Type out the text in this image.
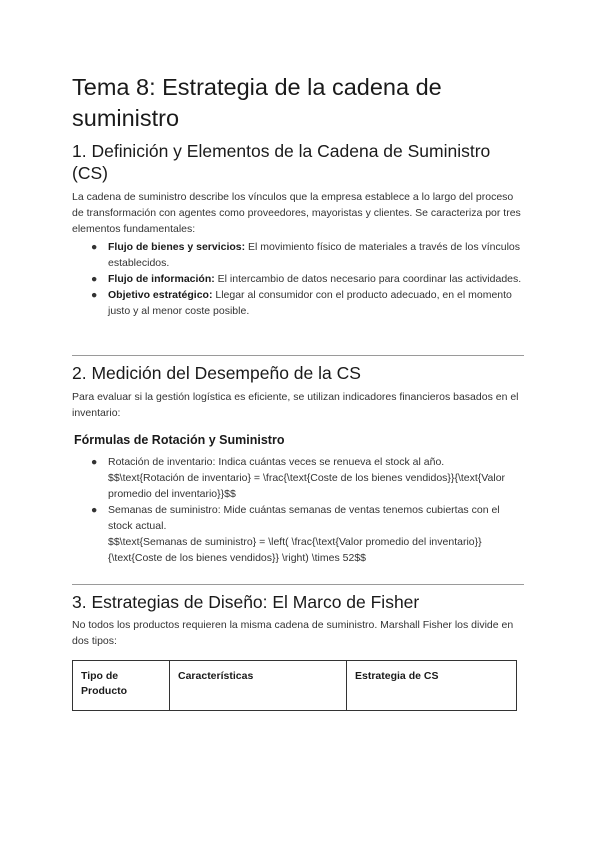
Tema 8: Estrategia de la cadena de suministro
1. Definición y Elementos de la Cadena de Suministro (CS)
La cadena de suministro describe los vínculos que la empresa establece a lo largo del proceso de transformación con agentes como proveedores, mayoristas y clientes. Se caracteriza por tres elementos fundamentales:
● Flujo de bienes y servicios: El movimiento físico de materiales a través de los vínculos establecidos.
● Flujo de información: El intercambio de datos necesario para coordinar las actividades.
● Objetivo estratégico: Llegar al consumidor con el producto adecuado, en el momento justo y al menor coste posible.
2. Medición del Desempeño de la CS
Para evaluar si la gestión logística es eficiente, se utilizan indicadores financieros basados en el inventario:
Fórmulas de Rotación y Suministro
● Rotación de inventario: Indica cuántas veces se renueva el stock al año.
$$\text{Rotación de inventario} = \frac{\text{Coste de los bienes vendidos}}{\text{Valor promedio del inventario}}$$
● Semanas de suministro: Mide cuántas semanas de ventas tenemos cubiertas con el stock actual.
$$\text{Semanas de suministro} = \left( \frac{\text{Valor promedio del inventario}}{\text{Coste de los bienes vendidos}} \right) \times 52$$
3. Estrategias de Diseño: El Marco de Fisher
No todos los productos requieren la misma cadena de suministro. Marshall Fisher los divide en dos tipos:
Tipo de Producto	Características	Estrategia de CS
